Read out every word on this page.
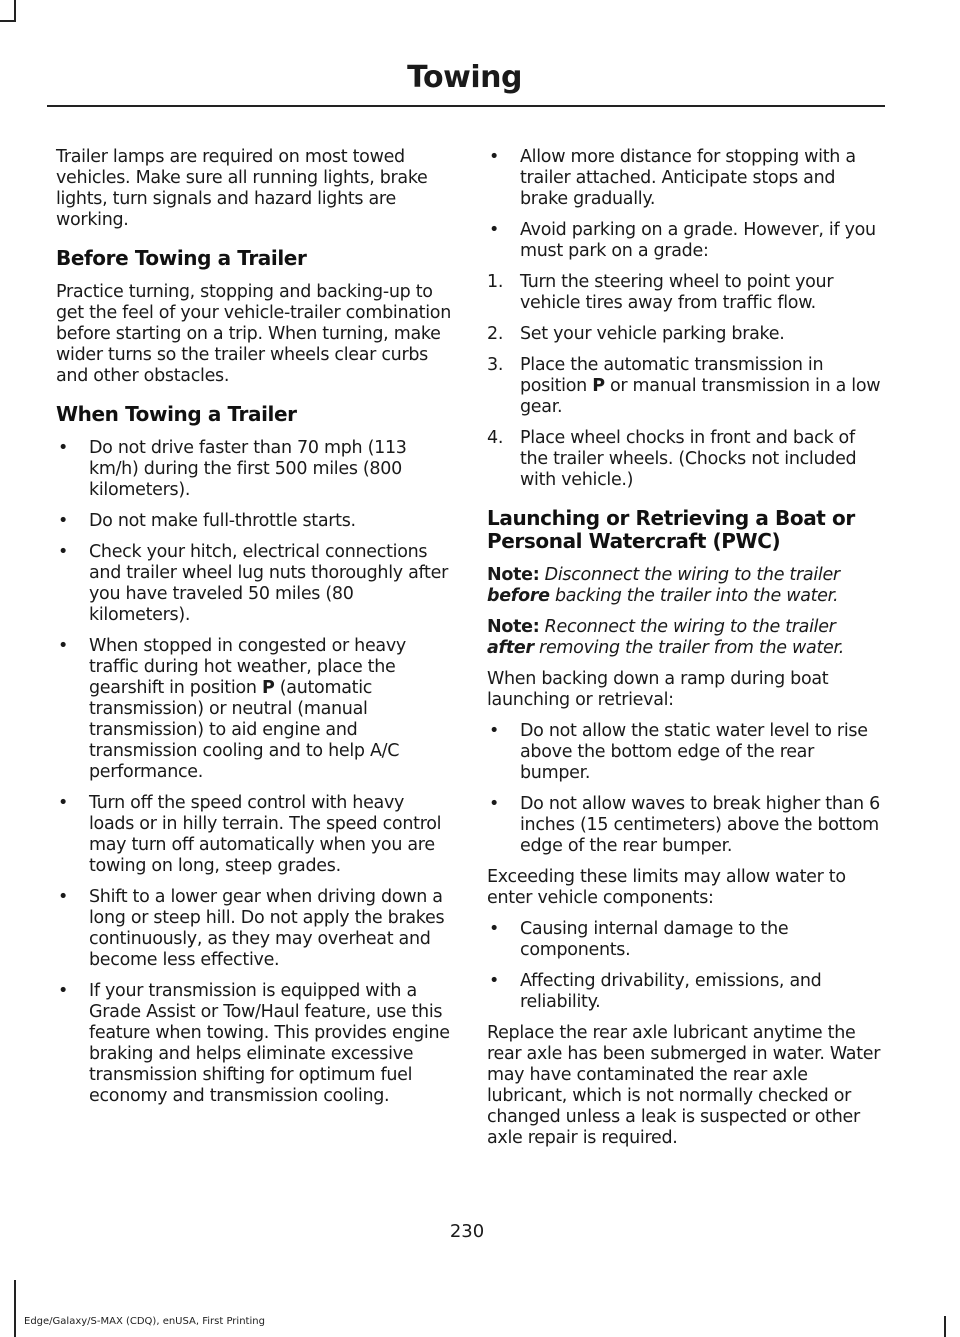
Towing

Trailer lamps are required on most towed vehicles. Make sure all running lights, brake lights, turn signals and hazard lights are working.

Before Towing a Trailer

Practice turning, stopping and backing-up to get the feel of your vehicle-trailer combination before starting on a trip. When turning, make wider turns so the trailer wheels clear curbs and other obstacles.

When Towing a Trailer
• Do not drive faster than 70 mph (113 km/h) during the first 500 miles (800 kilometers).
• Do not make full-throttle starts.
• Check your hitch, electrical connections and trailer wheel lug nuts thoroughly after you have traveled 50 miles (80 kilometers).
• When stopped in congested or heavy traffic during hot weather, place the gearshift in position P (automatic transmission) or neutral (manual transmission) to aid engine and transmission cooling and to help A/C performance.
• Turn off the speed control with heavy loads or in hilly terrain. The speed control may turn off automatically when you are towing on long, steep grades.
• Shift to a lower gear when driving down a long or steep hill. Do not apply the brakes continuously, as they may overheat and become less effective.
• If your transmission is equipped with a Grade Assist or Tow/Haul feature, use this feature when towing. This provides engine braking and helps eliminate excessive transmission shifting for optimum fuel economy and transmission cooling.
• Allow more distance for stopping with a trailer attached. Anticipate stops and brake gradually.
• Avoid parking on a grade. However, if you must park on a grade:
1. Turn the steering wheel to point your vehicle tires away from traffic flow.
2. Set your vehicle parking brake.
3. Place the automatic transmission in position P or manual transmission in a low gear.
4. Place wheel chocks in front and back of the trailer wheels. (Chocks not included with vehicle.)
Launching or Retrieving a Boat or Personal Watercraft (PWC)

Note: Disconnect the wiring to the trailer before backing the trailer into the water.

Note: Reconnect the wiring to the trailer after removing the trailer from the water.

When backing down a ramp during boat launching or retrieval:

• Do not allow the static water level to rise above the bottom edge of the rear bumper.
• Do not allow waves to break higher than 6 inches (15 centimeters) above the bottom edge of the rear bumper.

Exceeding these limits may allow water to enter vehicle components:

• Causing internal damage to the components.
• Affecting drivability, emissions, and reliability.

Replace the rear axle lubricant anytime the rear axle has been submerged in water. Water may have contaminated the rear axle lubricant, which is not normally checked or changed unless a leak is suspected or other axle repair is required.

230
Edge/Galaxy/S-MAX (CDQ), enUSA, First Printing
